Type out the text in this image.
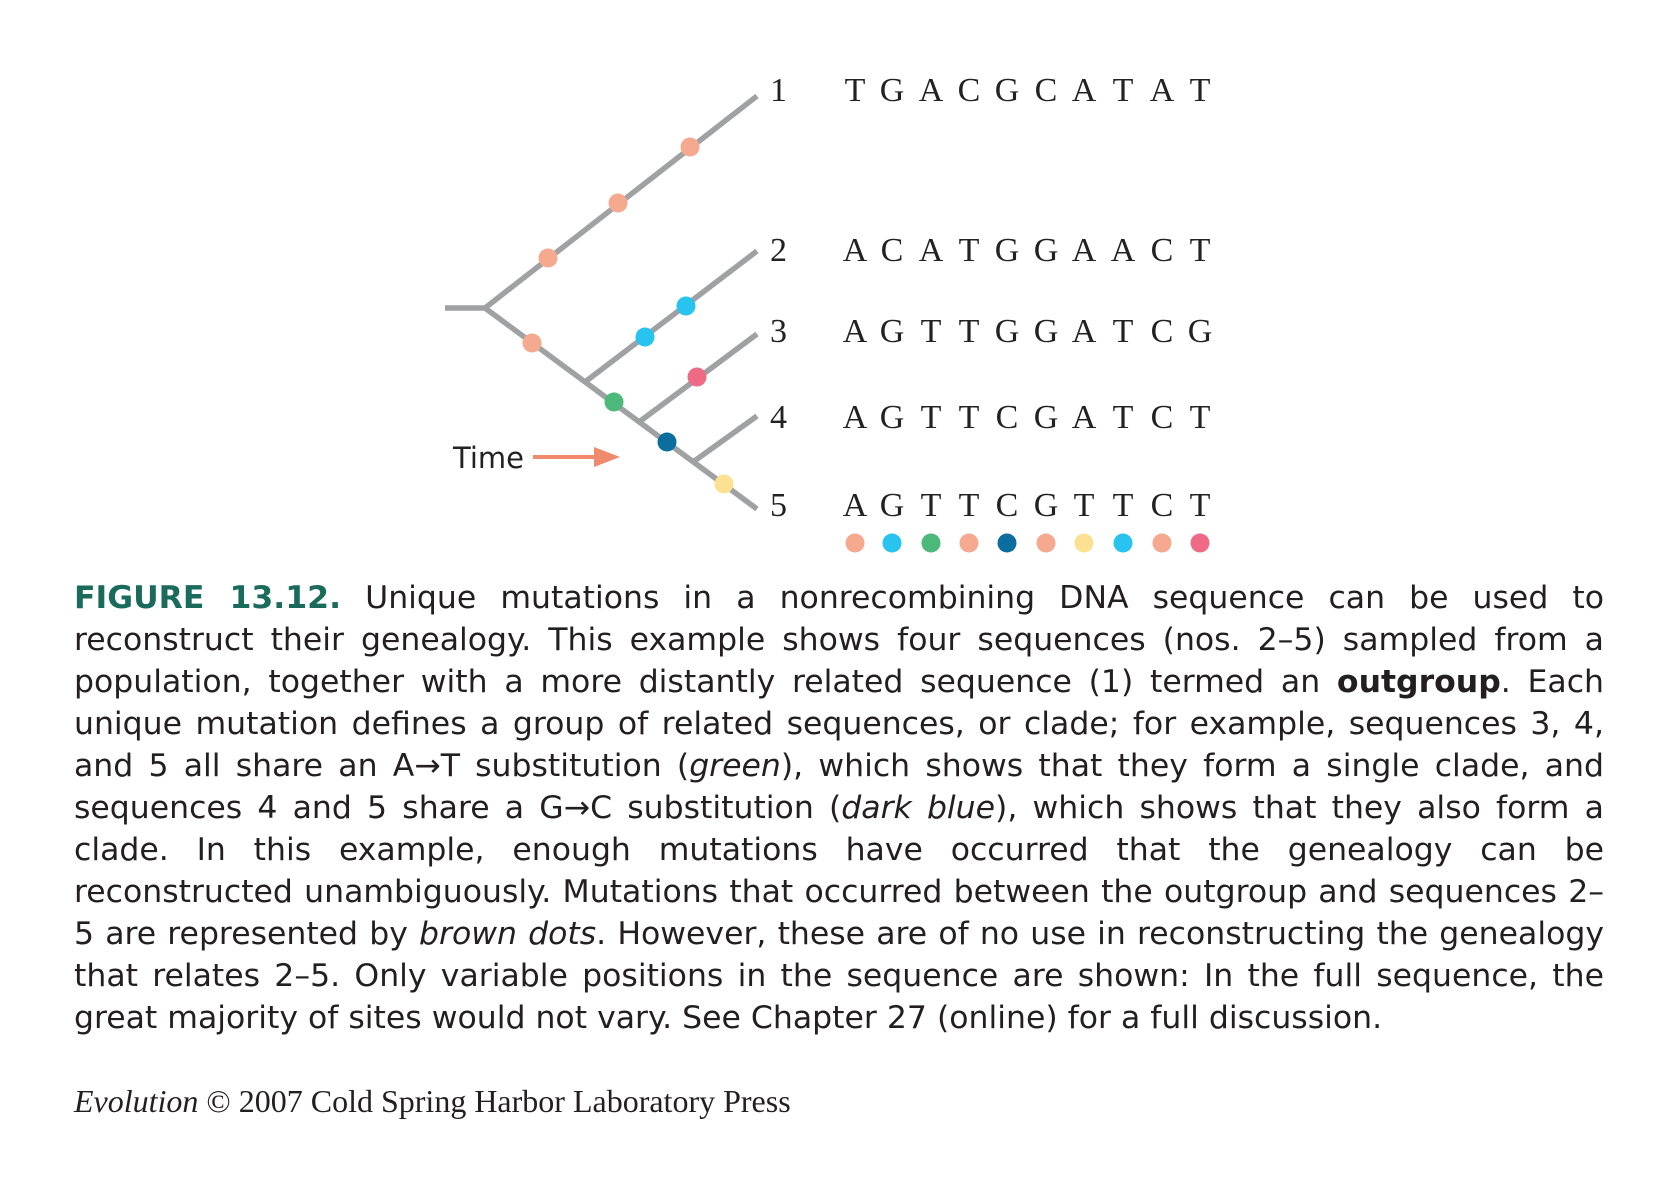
1
2
3
4
5
Time
T G A C G C A T A T
A C A T G G A A C T
A G T T G G A T C G
A G T T C G A T C T
A G T T C G T T C T

FIGURE 13.12. Unique mutations in a nonrecombining DNA sequence can be used to reconstruct their genealogy. This example shows four sequences (nos. 2–5) sampled from a population, together with a more distantly related sequence (1) termed an outgroup. Each unique mutation defines a group of related sequences, or clade; for example, sequences 3, 4, and 5 all share an A→T substitution (green), which shows that they form a single clade, and sequences 4 and 5 share a G→C substitution (dark blue), which shows that they also form a clade. In this example, enough mutations have occurred that the genealogy can be reconstructed unambiguously. Mutations that occurred between the outgroup and sequences 2–5 are represented by brown dots. However, these are of no use in reconstructing the genealogy that relates 2–5. Only variable positions in the sequence are shown: In the full sequence, the great majority of sites would not vary. See Chapter 27 (online) for a full discussion.

Evolution © 2007 Cold Spring Harbor Laboratory Press
